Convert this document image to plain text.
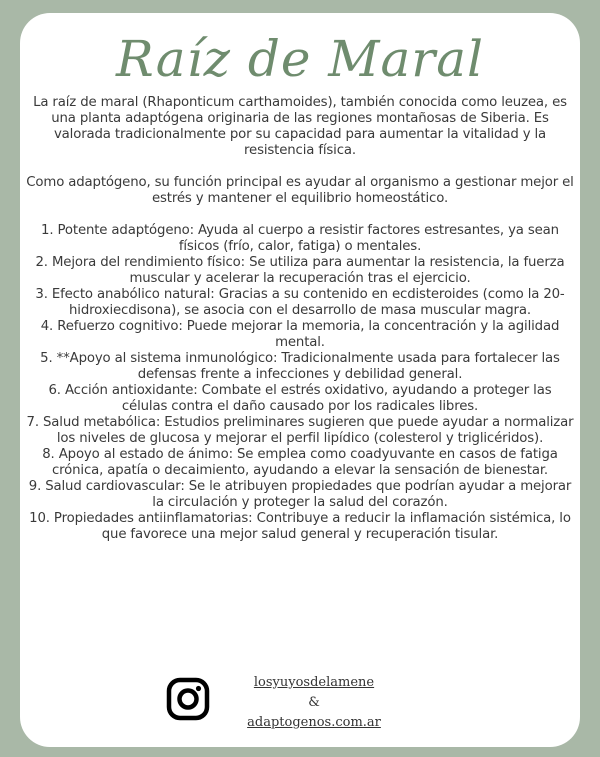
Raíz de Maral

La raíz de maral (Rhaponticum carthamoides), también conocida como leuzea, es una planta adaptógena originaria de las regiones montañosas de Siberia. Es valorada tradicionalmente por su capacidad para aumentar la vitalidad y la resistencia física.

Como adaptógeno, su función principal es ayudar al organismo a gestionar mejor el estrés y mantener el equilibrio homeostático.

1. Potente adaptógeno: Ayuda al cuerpo a resistir factores estresantes, ya sean físicos (frío, calor, fatiga) o mentales.

2. Mejora del rendimiento físico: Se utiliza para aumentar la resistencia, la fuerza muscular y acelerar la recuperación tras el ejercicio.

3. Efecto anabólico natural: Gracias a su contenido en ecdisteroides (como la 20-hidroxiecdisona), se asocia con el desarrollo de masa muscular magra.

4. Refuerzo cognitivo: Puede mejorar la memoria, la concentración y la agilidad mental.

5. **Apoyo al sistema inmunológico: Tradicionalmente usada para fortalecer las defensas frente a infecciones y debilidad general.

6. Acción antioxidante: Combate el estrés oxidativo, ayudando a proteger las células contra el daño causado por los radicales libres.

7. Salud metabólica: Estudios preliminares sugieren que puede ayudar a normalizar los niveles de glucosa y mejorar el perfil lipídico (colesterol y triglicéridos).

8. Apoyo al estado de ánimo: Se emplea como coadyuvante en casos de fatiga crónica, apatía o decaimiento, ayudando a elevar la sensación de bienestar.

9. Salud cardiovascular: Se le atribuyen propiedades que podrían ayudar a mejorar la circulación y proteger la salud del corazón.

10. Propiedades antiinflamatorias: Contribuye a reducir la inflamación sistémica, lo que favorece una mejor salud general y recuperación tisular.

losyuyosdelamene
&
adaptogenos.com.ar
